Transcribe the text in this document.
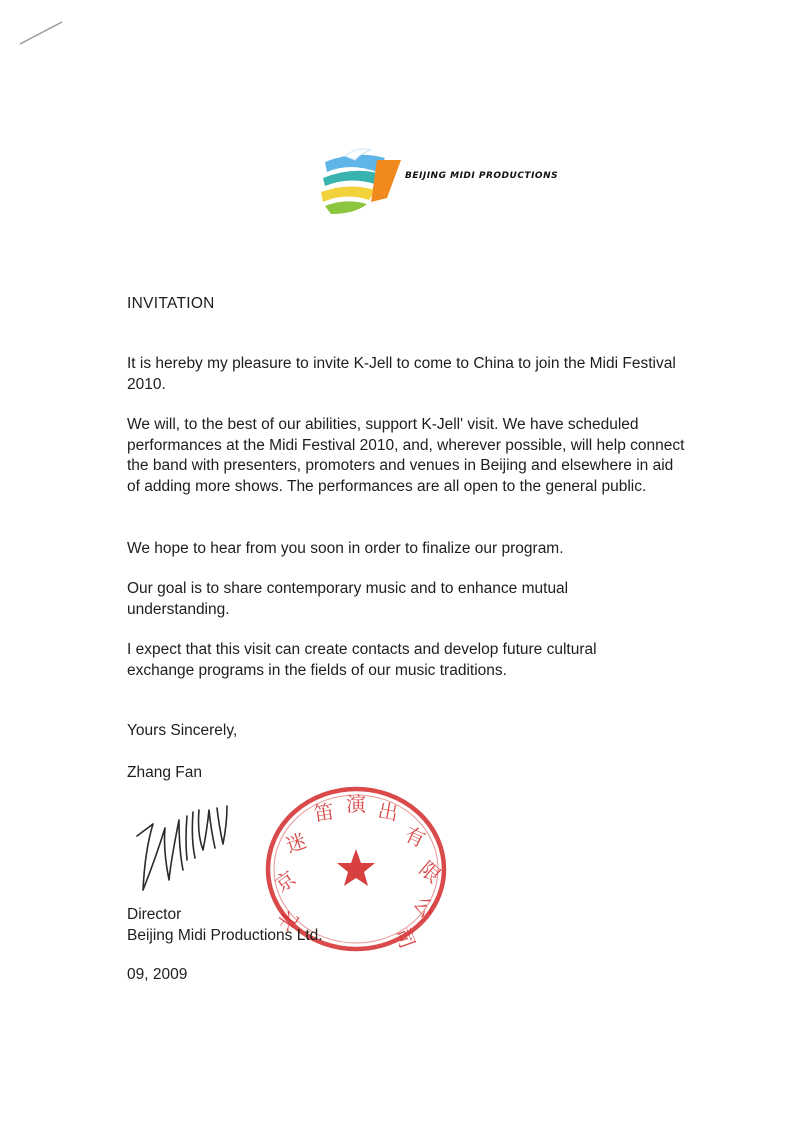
BEIJING MIDI PRODUCTIONS
INVITATION
It is hereby my pleasure to invite K-Jell to come to China to join the Midi Festival 2010.
We will, to the best of our abilities, support K-Jell' visit. We have scheduled performances at the Midi Festival 2010, and, wherever possible, will help connect the band with presenters, promoters and venues in Beijing and elsewhere in aid of adding more shows. The performances are all open to the general public.
We hope to hear from you soon in order to finalize our program.
Our goal is to share contemporary music and to enhance mutual understanding.
I expect that this visit can create contacts and develop future cultural exchange programs in the fields of our music traditions.
Yours Sincerely,
Zhang Fan
北
京
迷
笛 演 出
有
限
公
司
Director
Beijing Midi Productions Ltd.
09, 2009
